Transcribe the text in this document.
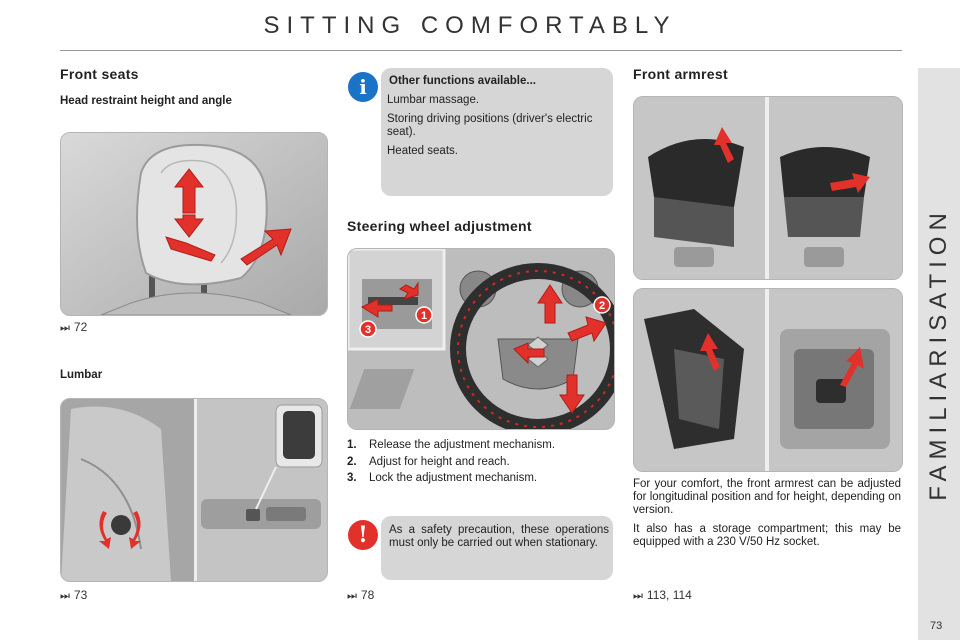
SITTING COMFORTABLY
FAMILIARISATION
Front seats
Head restraint height and angle
⏭ 72
Lumbar
⏭ 73

Other functions available...

Lumbar massage.

Storing driving positions (driver's electric seat).

Heated seats.

i
Steering wheel adjustment
1
2
3
1.	Release the adjustment mechanism.
2.	Adjust for height and reach.
3.	Lock the adjustment mechanism.
As a safety precaution, these operations must only be carried out when stationary.
!
⏭ 78
Front armrest

For your comfort, the front armrest can be adjusted for longitudinal position and for height, depending on version.

It also has a storage compartment; this may be equipped with a 230 V/50 Hz socket.

⏭ 113, 114
73
